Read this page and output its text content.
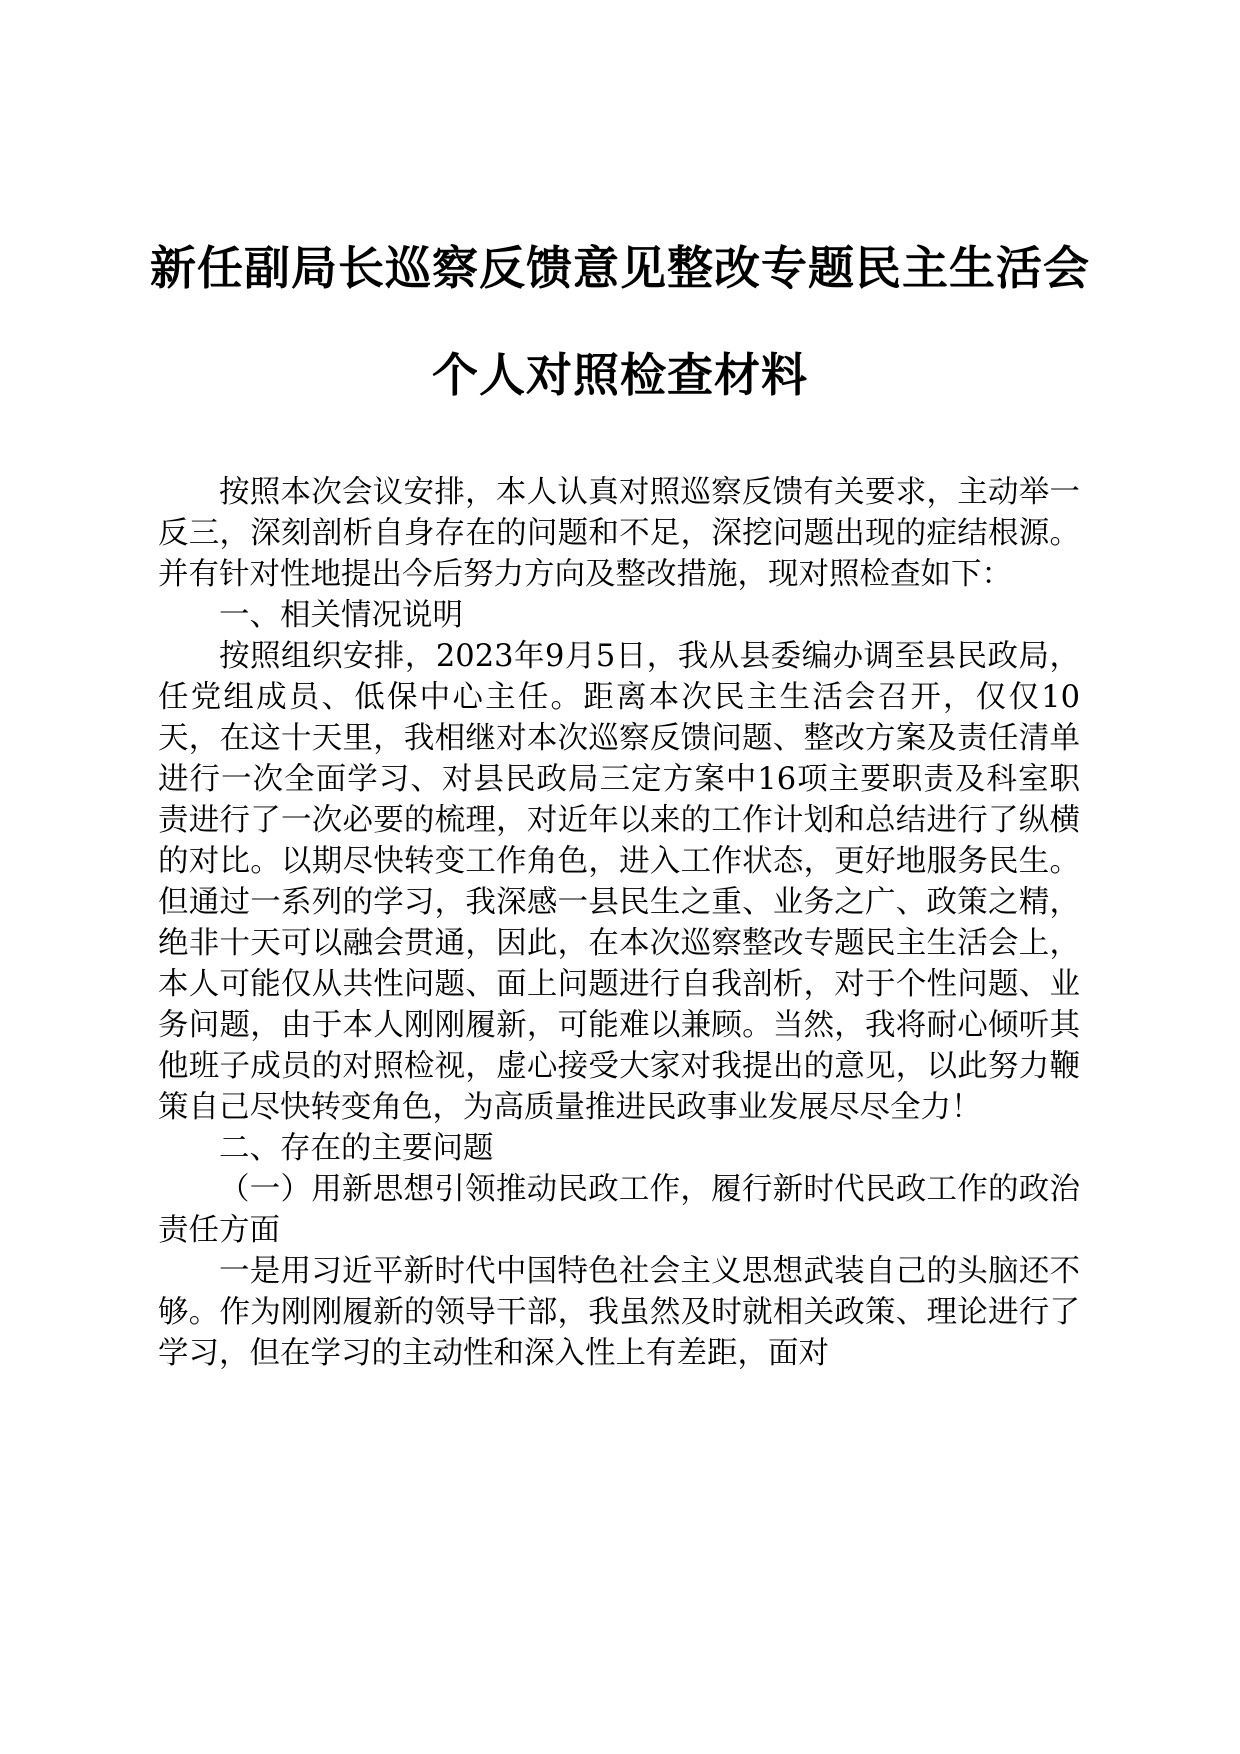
新任副局长巡察反馈意见整改专题民主生活会
个人对照检查材料

按照本次会议安排，本人认真对照巡察反馈有关要求，主动举一反三，深刻剖析自身存在的问题和不足，深挖问题出现的症结根源。并有针对性地提出今后努力方向及整改措施，现对照检查如下：

一、相关情况说明

按照组织安排，2023年9月5日，我从县委编办调至县民政局，任党组成员、低保中心主任。距离本次民主生活会召开，仅仅10天，在这十天里，我相继对本次巡察反馈问题、整改方案及责任清单进行一次全面学习、对县民政局三定方案中16项主要职责及科室职责进行了一次必要的梳理，对近年以来的工作计划和总结进行了纵横的对比。以期尽快转变工作角色，进入工作状态，更好地服务民生。但通过一系列的学习，我深感一县民生之重、业务之广、政策之精，绝非十天可以融会贯通，因此，在本次巡察整改专题民主生活会上，本人可能仅从共性问题、面上问题进行自我剖析，对于个性问题、业务问题，由于本人刚刚履新，可能难以兼顾。当然，我将耐心倾听其他班子成员的对照检视，虚心接受大家对我提出的意见，以此努力鞭策自己尽快转变角色，为高质量推进民政事业发展尽尽全力！

二、存在的主要问题

（一）用新思想引领推动民政工作，履行新时代民政工作的政治责任方面

一是用习近平新时代中国特色社会主义思想武装自己的头脑还不够。作为刚刚履新的领导干部，我虽然及时就相关政策、理论进行了学习，但在学习的主动性和深入性上有差距，面对
